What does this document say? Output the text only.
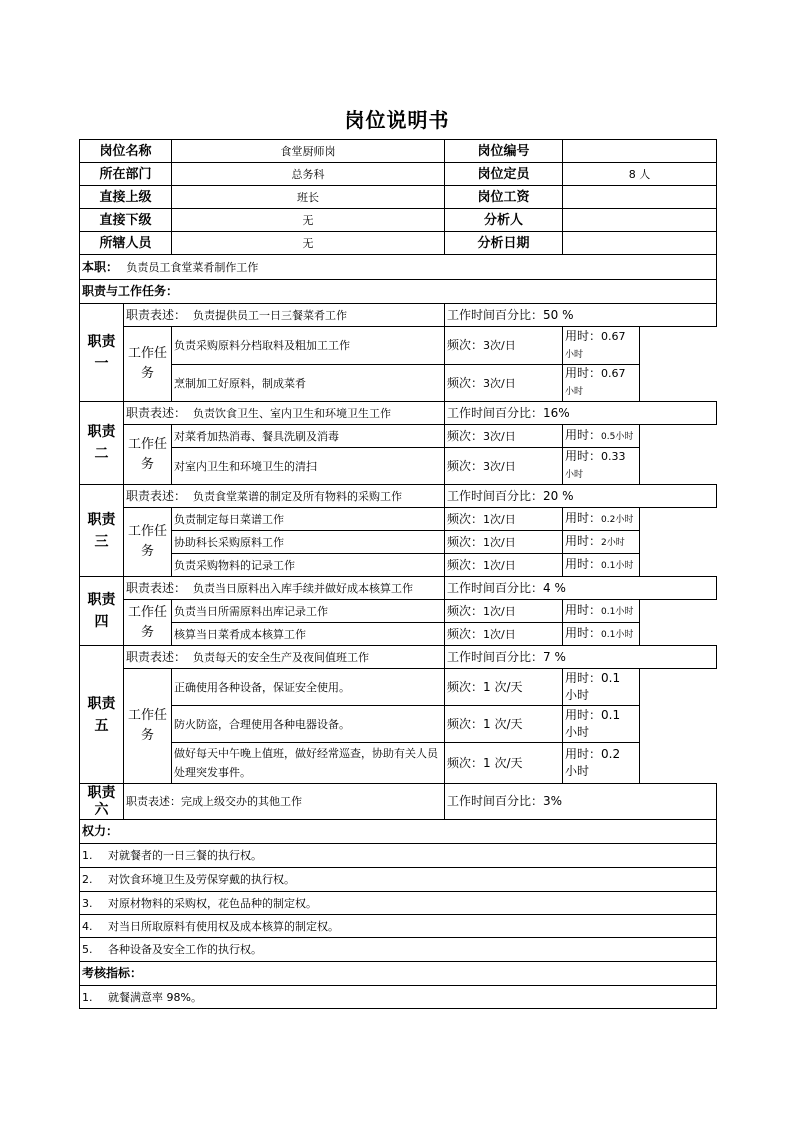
岗位说明书
岗位名称		食堂厨师岗	岗位编号	
所在部门		总务科	岗位定员	8 人
直接上级		班长	岗位工资	
直接下级		无	分析人	
所辖人员		无	分析日期	
本职： 负责员工食堂菜肴制作工作				
职责与工作任务：				
职责一	职责表述： 负责提供员工一日三餐菜肴工作		工作时间百分比：50 %	
	工作任务	负责采购原料分档取料及粗加工工作	频次：3次/日	用时：0.67
小时
		烹制加工好原料，制成菜肴	频次：3次/日	用时：0.67
小时
职责二	职责表述： 负责饮食卫生、室内卫生和环境卫生工作		工作时间百分比：16%	
	工作任务	对菜肴加热消毒、餐具洗刷及消毒	频次：3次/日	用时：0.5小时
		对室内卫生和环境卫生的清扫	频次：3次/日	用时：0.33
小时
职责三	职责表述： 负责食堂菜谱的制定及所有物料的采购工作		工作时间百分比：20 %	
	工作任务	负责制定每日菜谱工作	频次：1次/日	用时：0.2小时
		协助科长采购原料工作	频次：1次/日	用时：2小时
		负责采购物料的记录工作	频次：1次/日	用时：0.1小时
职责四	职责表述： 负责当日原料出入库手续并做好成本核算工作		工作时间百分比：4 %	
	工作任务	负责当日所需原料出库记录工作	频次：1次/日	用时：0.1小时
		核算当日菜肴成本核算工作	频次：1次/日	用时：0.1小时
职责五	职责表述： 负责每天的安全生产及夜间值班工作		工作时间百分比：7 %	
	工作任务	正确使用各种设备，保证安全使用。	频次：1 次/天	用时：0.1
小时
		防火防盗，合理使用各种电器设备。	频次：1 次/天	用时：0.1
小时
		做好每天中午晚上值班，做好经常巡查，协助有关人员处理突发事件。	频次：1 次/天	用时：0.2
小时
职责六	职责表述：完成上级交办的其他工作		工作时间百分比：3%	
权力：				
1. 对就餐者的一日三餐的执行权。				
2. 对饮食环境卫生及劳保穿戴的执行权。				
3. 对原材物料的采购权，花色品种的制定权。				
4. 对当日所取原料有使用权及成本核算的制定权。				
5. 各种设备及安全工作的执行权。				
考核指标：				
1. 就餐满意率 98%。				
